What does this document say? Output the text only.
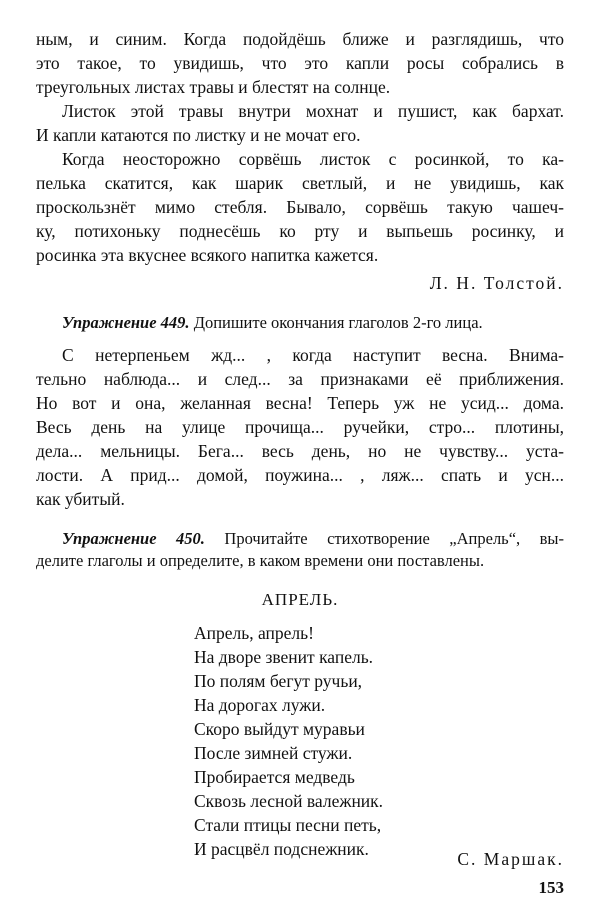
ным, и синим. Когда подойдёшь ближе и разглядишь, что
это такое, то увидишь, что это капли росы собрались в
треугольных листах травы и блестят на солнце.
Листок этой травы внутри мохнат и пушист, как бархат.
И капли катаются по листку и не мочат его.
Когда неосторожно сорвёшь листок с росинкой, то ка-
пелька скатится, как шарик светлый, и не увидишь, как
проскользнёт мимо стебля. Бывало, сорвёшь такую чашеч-
ку, потихоньку поднесёшь ко рту и выпьешь росинку, и
росинка эта вкуснее всякого напитка кажется.
Л. Н. Толстой.
Упражнение 449. Допишите окончания глаголов 2-го лица.
С нетерпеньем жд... , когда наступит весна. Внима-
тельно наблюда... и след... за признаками её приближения.
Но вот и она, желанная весна! Теперь уж не усид... дома.
Весь день на улице прочища... ручейки, стро... плотины,
дела... мельницы. Бега... весь день, но не чувству... уста-
лости. А прид... домой, поужина... , ляж... спать и усн...
как убитый.
Упражнение 450. Прочитайте стихотворение „Апрель“, вы-
делите глаголы и определите, в каком времени они поставлены.
АПРЕЛЬ.
Апрель, апрель!
На дворе звенит капель.
По полям бегут ручьи,
На дорогах лужи.
Скоро выйдут муравьи
После зимней стужи.
Пробирается медведь
Сквозь лесной валежник.
Стали птицы песни петь,
И расцвёл подснежник.	С. Маршак.
153
